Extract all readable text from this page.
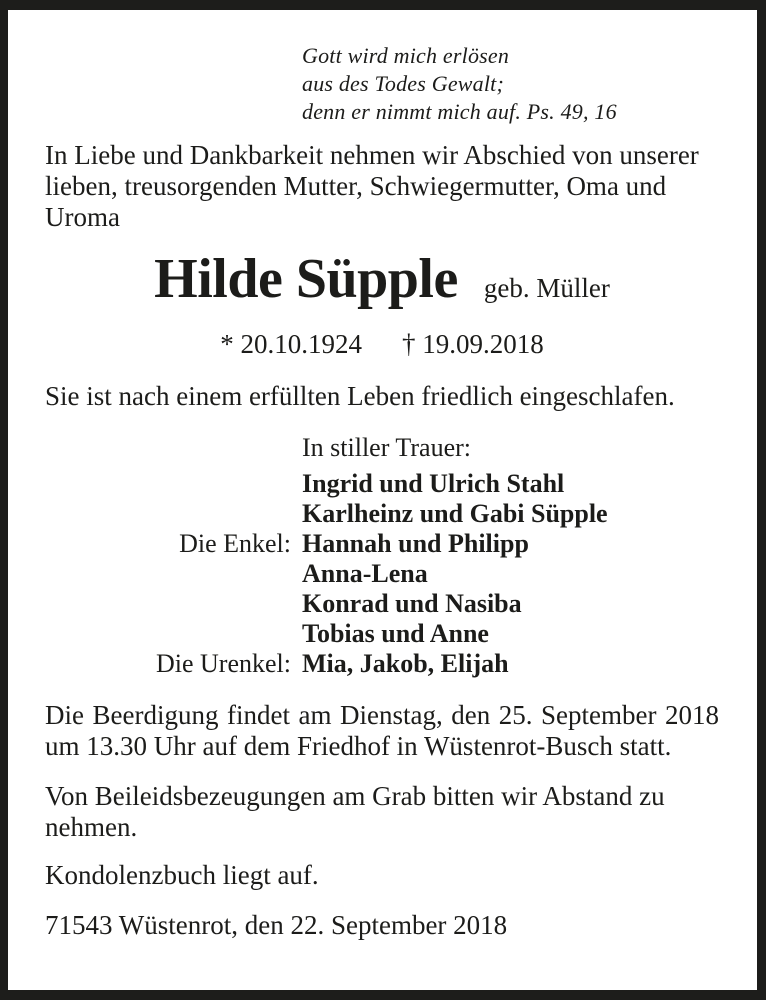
Gott wird mich erlösen
aus des Todes Gewalt;
denn er nimmt mich auf. Ps. 49, 16
In Liebe und Dankbarkeit nehmen wir Abschied von unserer lieben, treusorgenden Mutter, Schwiegermutter, Oma und Uroma
Hilde Süpple geb. Müller
* 20.10.1924 † 19.09.2018
Sie ist nach einem erfüllten Leben friedlich eingeschlafen.
In stiller Trauer:
Ingrid und Ulrich Stahl
Karlheinz und Gabi Süpple
Die Enkel: Hannah und Philipp
Anna-Lena
Konrad und Nasiba
Tobias und Anne
Die Urenkel: Mia, Jakob, Elijah
Die Beerdigung findet am Dienstag, den 25. September 2018 um 13.30 Uhr auf dem Friedhof in Wüstenrot-Busch statt.
Von Beileidsbezeugungen am Grab bitten wir Abstand zu nehmen.
Kondolenzbuch liegt auf.
71543 Wüstenrot, den 22. September 2018
